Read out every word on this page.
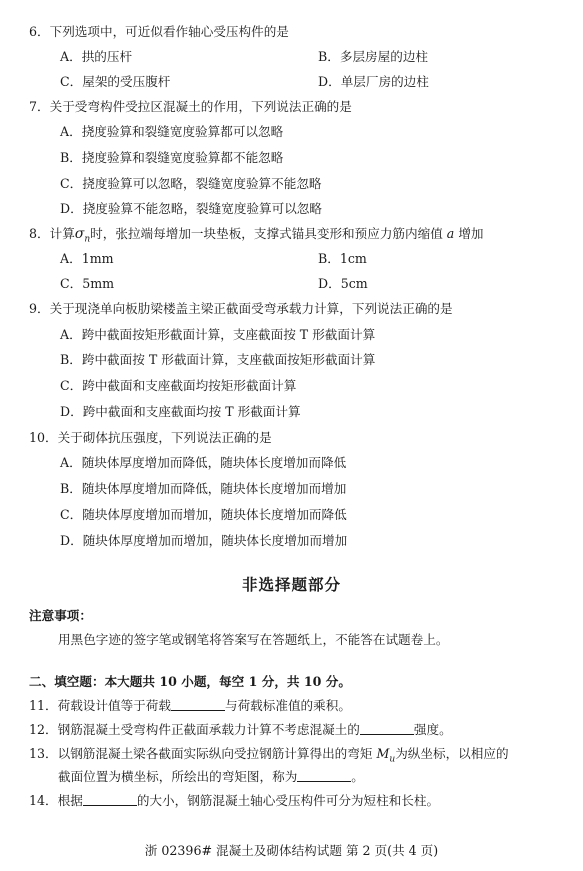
6．下列选项中，可近似看作轴心受压构件的是
A．拱的压杆	B．多层房屋的边柱
C．屋架的受压腹杆	D．单层厂房的边柱
7．关于受弯构件受拉区混凝土的作用，下列说法正确的是
A．挠度验算和裂缝宽度验算都可以忽略
B．挠度验算和裂缝宽度验算都不能忽略
C．挠度验算可以忽略，裂缝宽度验算不能忽略
D．挠度验算不能忽略，裂缝宽度验算可以忽略
8．计算$\sigma_n$时，张拉端每增加一块垫板，支撑式锚具变形和预应力筋内缩值 a 增加
A．1mm	B．1cm
C．5mm	D．5cm
9．关于现浇单向板肋梁楼盖主梁正截面受弯承载力计算，下列说法正确的是
A．跨中截面按矩形截面计算，支座截面按 T 形截面计算
B．跨中截面按 T 形截面计算，支座截面按矩形截面计算
C．跨中截面和支座截面均按矩形截面计算
D．跨中截面和支座截面均按 T 形截面计算
10．关于砌体抗压强度，下列说法正确的是
A．随块体厚度增加而降低，随块体长度增加而降低
B．随块体厚度增加而降低，随块体长度增加而增加
C．随块体厚度增加而增加，随块体长度增加而降低
D．随块体厚度增加而增加，随块体长度增加而增加
非选择题部分
注意事项：
用黑色字迹的签字笔或钢笔将答案写在答题纸上，不能答在试题卷上。
二、填空题：本大题共 10 小题，每空 1 分，共 10 分。
11．荷载设计值等于荷载	与荷载标准值的乘积。
12．钢筋混凝土受弯构件正截面承载力计算不考虑混凝土的	强度。
13．以钢筋混凝土梁各截面实际纵向受拉钢筋计算得出的弯矩 $M_u$为纵坐标，以相应的
截面位置为横坐标，所绘出的弯矩图，称为	。
14．根据	的大小，钢筋混凝土轴心受压构件可分为短柱和长柱。
浙 02396# 混凝土及砌体结构试题 第 2 页(共 4 页)
